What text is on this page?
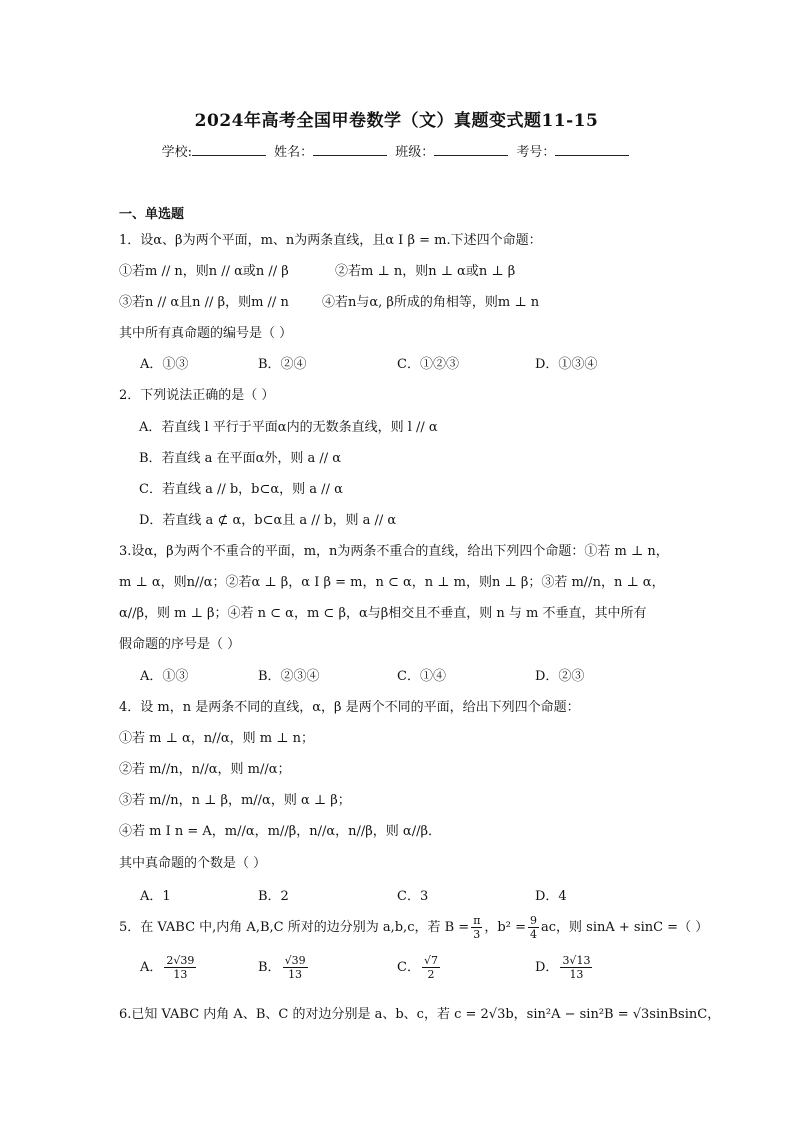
2024年高考全国甲卷数学（文）真题变式题11-15
学校:	姓名：	班级：	考号：
一、单选题
1．设α、β为两个平面，m、n为两条直线，且α I β = m.下述四个命题：
①若m // n，则n // α或n // β	②若m ⊥ n，则n ⊥ α或n ⊥ β
③若n // α且n // β，则m // n	④若n与α, β所成的角相等，则m ⊥ n
其中所有真命题的编号是（ ）
A．①③	B．②④	C．①②③	D．①③④
2．下列说法正确的是（ ）
A．若直线 l 平行于平面α内的无数条直线，则 l // α
B．若直线 a 在平面α外，则 a // α
C．若直线 a // b，b⊂α，则 a // α
D．若直线 a ⊄ α，b⊂α且 a // b，则 a // α
3.设α，β为两个不重合的平面，m，n为两条不重合的直线，给出下列四个命题：①若 m ⊥ n，
m ⊥ α，则n//α；②若α ⊥ β，α I β = m，n ⊂ α，n ⊥ m，则n ⊥ β；③若 m//n，n ⊥ α，
α//β，则 m ⊥ β；④若 n ⊂ α，m ⊂ β，α与β相交且不垂直，则 n 与 m 不垂直，其中所有
假命题的序号是（ ）
A．①③	B．②③④	C．①④	D．②③
4．设 m，n 是两条不同的直线，α，β 是两个不同的平面，给出下列四个命题：
①若 m ⊥ α，n//α，则 m ⊥ n；
②若 m//n，n//α，则 m//α；
③若 m//n，n ⊥ β，m//α，则 α ⊥ β；
④若 m I n = A，m//α，m//β，n//α，n//β，则 α//β．
其中真命题的个数是（ ）
A．1	B．2	C．3	D．4
5．在 VABC 中,内角 A,B,C 所对的边分别为 a,b,c，若 $B = \frac{\pi}{3}$ ，$b^2 = \frac{9}{4}$ ac，则 sinA + sinC =（ ）
A． $\frac{2√39}{13}$	B． $\frac{√39}{13}$	C． $\frac{√7}{2}$	D． $\frac{3√13}{13}$
6.已知 VABC 内角 A、B、C 的对边分别是 a、b、c，若 c = 2√3b，sin²A − sin²B = √3sinBsinC，
